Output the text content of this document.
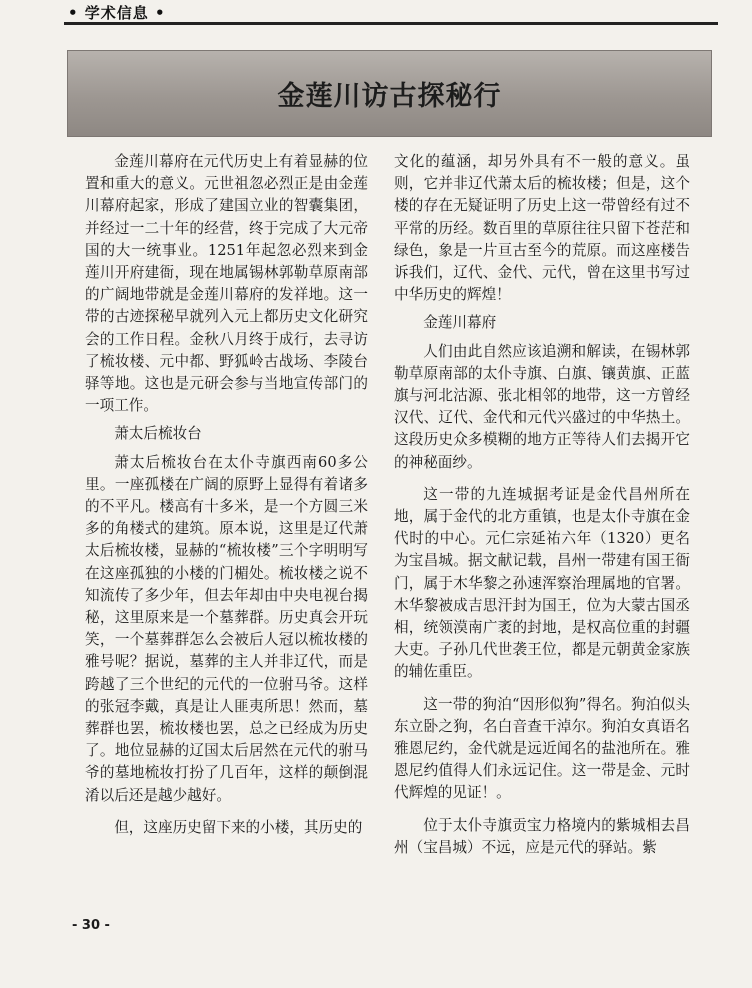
• 学术信息 •
金莲川访古探秘行

金莲川幕府在元代历史上有着显赫的位置和重大的意义。元世祖忽必烈正是由金莲川幕府起家，形成了建国立业的智囊集团，并经过一二十年的经营，终于完成了大元帝国的大一统事业。1251年起忽必烈来到金莲川开府建衙，现在地属锡林郭勒草原南部的广阔地带就是金莲川幕府的发祥地。这一带的古迹探秘早就列入元上都历史文化研究会的工作日程。金秋八月终于成行，去寻访了梳妆楼、元中都、野狐岭古战场、李陵台驿等地。这也是元研会参与当地宣传部门的一项工作。

萧太后梳妆台

萧太后梳妆台在太仆寺旗西南60多公里。一座孤楼在广阔的原野上显得有着诸多的不平凡。楼高有十多米，是一个方圆三米多的角楼式的建筑。原本说，这里是辽代萧太后梳妆楼，显赫的“梳妆楼”三个字明明写在这座孤独的小楼的门楣处。梳妆楼之说不知流传了多少年，但去年却由中央电视台揭秘，这里原来是一个墓葬群。历史真会开玩笑，一个墓葬群怎么会被后人冠以梳妆楼的雅号呢？据说，墓葬的主人并非辽代，而是跨越了三个世纪的元代的一位驸马爷。这样的张冠李戴，真是让人匪夷所思！然而，墓葬群也罢，梳妆楼也罢，总之已经成为历史了。地位显赫的辽国太后居然在元代的驸马爷的墓地梳妆打扮了几百年，这样的颠倒混淆以后还是越少越好。

但，这座历史留下来的小楼，其历史的

文化的蕴涵，却另外具有不一般的意义。虽则，它并非辽代萧太后的梳妆楼；但是，这个楼的存在无疑证明了历史上这一带曾经有过不平常的历经。数百里的草原往往只留下苍茫和绿色，象是一片亘古至今的荒原。而这座楼告诉我们，辽代、金代、元代，曾在这里书写过中华历史的辉煌！

金莲川幕府

人们由此自然应该追溯和解读，在锡林郭勒草原南部的太仆寺旗、白旗、镶黄旗、正蓝旗与河北沽源、张北相邻的地带，这一方曾经汉代、辽代、金代和元代兴盛过的中华热土。这段历史众多模糊的地方正等待人们去揭开它的神秘面纱。

这一带的九连城据考证是金代昌州所在地，属于金代的北方重镇，也是太仆寺旗在金代时的中心。元仁宗延祐六年（1320）更名为宝昌城。据文献记载，昌州一带建有国王衙门，属于木华黎之孙速浑察治理属地的官署。木华黎被成吉思汗封为国王，位为大蒙古国丞相，统领漠南广袤的封地，是权高位重的封疆大吏。子孙几代世袭王位，都是元朝黄金家族的辅佐重臣。

这一带的狗泊“因形似狗”得名。狗泊似头东立卧之狗，名白音查干淖尔。狗泊女真语名雅恩尼约，金代就是远近闻名的盐池所在。雅恩尼约值得人们永远记住。这一带是金、元时代辉煌的见证！。

位于太仆寺旗贡宝力格境内的紫城相去昌州（宝昌城）不远，应是元代的驿站。紫

- 30 -
